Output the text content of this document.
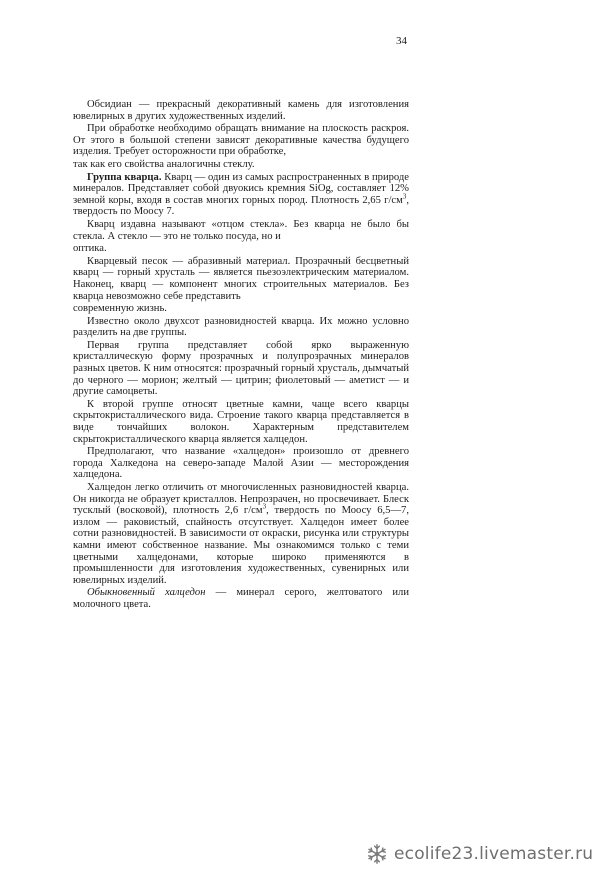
34

Обсидиан — прекрасный декоративный камень для изготовления ювелирных в других художественных изделий.

При обработке необходимо обращать внимание на плоскость раскроя. От этого в большой степени зависят декоративные качества будущего изделия. Требует осторожности при обработке,

так как его свойства аналогичны стеклу.

Группа кварца. Кварц — один из самых распространенных в природе минералов. Представляет собой двуокись кремния SiOg, составляет 12% земной коры, входя в состав многих горных пород. Плотность 2,65 $г/см^3$, твердость по Моосу 7.

Кварц издавна называют «отцом стекла». Без кварца не было бы стекла. А стекло — это не только посуда, но и

оптика.

Кварцевый песок — абразивный материал. Прозрачный бесцветный кварц — горный хрусталь — является пьезоэлектрическим материалом. Наконец, кварц — компонент многих строительных материалов. Без кварца невозможно себе представить

современную жизнь.

Известно около двухсот разновидностей кварца. Их можно условно разделить на две группы.

Первая группа представляет собой ярко выраженную кристаллическую форму прозрачных и полупрозрачных минералов разных цветов. К ним относятся: прозрачный горный хрусталь, дымчатый до черного — морион; желтый — цитрин; фиолетовый — аметист — и другие самоцветы.

К второй группе относят цветные камни, чаще всего кварцы скрытокристаллического вида. Строение такого кварца представляется в виде тончайших волокон. Характерным представителем скрытокристаллического кварца является халцедон.

Предполагают, что название «халцедон» произошло от древнего города Халкедона на северо-западе Малой Азии — месторождения халцедона.

Халцедон легко отличить от многочисленных разновидностей кварца. Он никогда не образует кристаллов. Непрозрачен, но просвечивает. Блеск тусклый (восковой), плотность 2,6 $г/см^3$, твердость по Моосу 6,5—7, излом — раковистый, спайность отсутствует. Халцедон имеет более сотни разновидностей. В зависимости от окраски, рисунка или структуры камни имеют собственное название. Мы ознакомимся только с теми цветными халцедонами, которые широко применяются в промышленности для изготовления художественных, сувенирных или ювелирных изделий.

Обыкновенный халцедон — минерал серого, желтоватого или молочного цвета.

ecolife23.livemaster.ru
